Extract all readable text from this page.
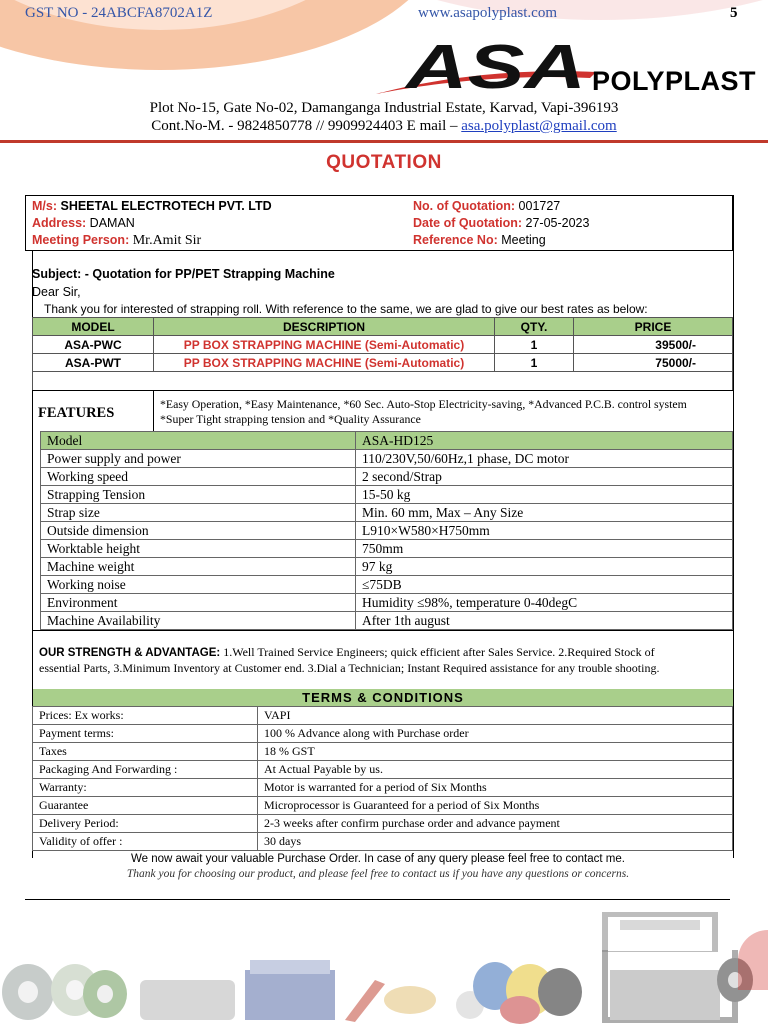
GST NO - 24ABCFA8702A1Z	www.asapolyplast.com	5
ASA POLYPLAST
Plot No-15, Gate No-02, Damanganga Industrial Estate, Karvad, Vapi-396193
Cont.No-M. - 9824850778 // 9909924403 E mail – asa.polyplast@gmail.com
QUOTATION
M/s: SHEETAL ELECTROTECH PVT. LTD
Address: DAMAN
Meeting Person: Mr.Amit Sir
No. of Quotation: 001727
Date of Quotation: 27-05-2023
Reference No: Meeting
Subject: - Quotation for PP/PET Strapping Machine
Dear Sir,
Thank you for interested of strapping roll. With reference to the same, we are glad to give our best rates as below:
MODEL	DESCRIPTION	QTY.	PRICE
ASA-PWC	PP BOX STRAPPING MACHINE (Semi-Automatic)	1	39500/-
ASA-PWT	PP BOX STRAPPING MACHINE (Semi-Automatic)	1	75000/-

FEATURES
*Easy Operation, *Easy Maintenance, *60 Sec. Auto-Stop Electricity-saving, *Advanced P.C.B. control system
*Super Tight strapping tension and *Quality Assurance
Model	ASA-HD125
Power supply and power	110/230V,50/60Hz,1 phase, DC motor
Working speed	2 second/Strap
Strapping Tension	15-50 kg
Strap size	Min. 60 mm, Max – Any Size
Outside dimension	L910×W580×H750mm
Worktable height	750mm
Machine weight	97 kg
Working noise	≤75DB
Environment	Humidity ≤98%, temperature 0-40degC
Machine Availability	After 1th august
OUR STRENGTH & ADVANTAGE: 1.Well Trained Service Engineers; quick efficient after Sales Service. 2.Required Stock of
essential Parts, 3.Minimum Inventory at Customer end. 3.Dial a Technician; Instant Required assistance for any trouble shooting.
TERMS & CONDITIONS
Prices: Ex works:	VAPI
Payment terms:	100 % Advance along with Purchase order
Taxes	18 % GST
Packaging And Forwarding :	At Actual Payable by us.
Warranty:	Motor is warranted for a period of Six Months
Guarantee	Microprocessor is Guaranteed for a period of Six Months
Delivery Period:	2-3 weeks after confirm purchase order and advance payment
Validity of offer :	30 days
We now await your valuable Purchase Order. In case of any query please feel free to contact me.
Thank you for choosing our product, and please feel free to contact us if you have any questions or concerns.
